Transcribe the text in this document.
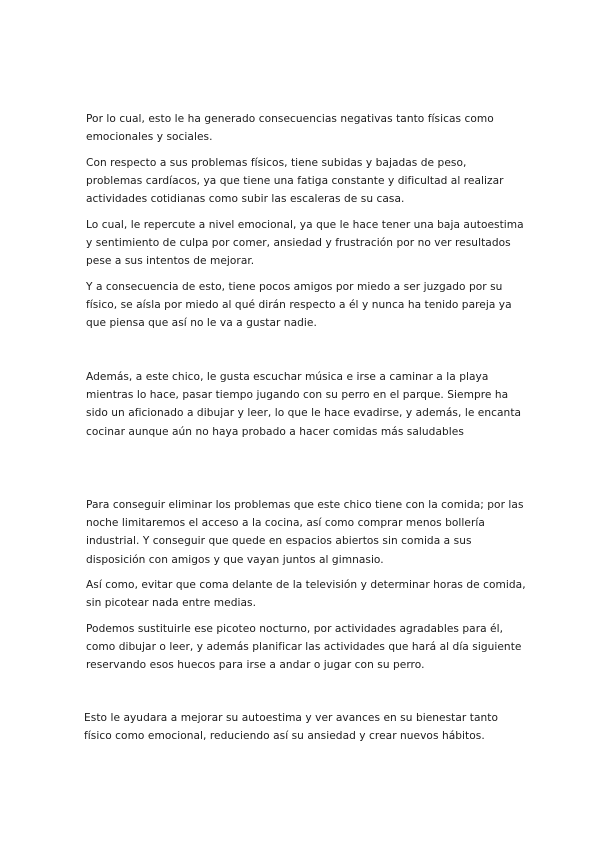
Por lo cual, esto le ha generado consecuencias negativas tanto físicas como emocionales y sociales.

Con respecto a sus problemas físicos, tiene subidas y bajadas de peso, problemas cardíacos, ya que tiene una fatiga constante y dificultad al realizar actividades cotidianas como subir las escaleras de su casa.

Lo cual, le repercute a nivel emocional, ya que le hace tener una baja autoestima y sentimiento de culpa por comer, ansiedad y frustración por no ver resultados pese a sus intentos de mejorar.

Y a consecuencia de esto, tiene pocos amigos por miedo a ser juzgado por su físico, se aísla por miedo al qué dirán respecto a él y nunca ha tenido pareja ya que piensa que así no le va a gustar nadie.

Además, a este chico, le gusta escuchar música e irse a caminar a la playa mientras lo hace, pasar tiempo jugando con su perro en el parque. Siempre ha sido un aficionado a dibujar y leer, lo que le hace evadirse, y además, le encanta cocinar aunque aún no haya probado a hacer comidas más saludables

Para conseguir eliminar los problemas que este chico tiene con la comida; por las noche limitaremos el acceso a la cocina, así como comprar menos bollería industrial. Y conseguir que quede en espacios abiertos sin comida a sus disposición con amigos y que vayan juntos al gimnasio.

Así como, evitar que coma delante de la televisión y determinar horas de comida, sin picotear nada entre medias.

Podemos sustituirle ese picoteo nocturno, por actividades agradables para él, como dibujar o leer, y además planificar las actividades que hará al día siguiente reservando esos huecos para irse a andar o jugar con su perro.

Esto le ayudara a mejorar su autoestima y ver avances en su bienestar tanto físico como emocional, reduciendo así su ansiedad y crear nuevos hábitos.
